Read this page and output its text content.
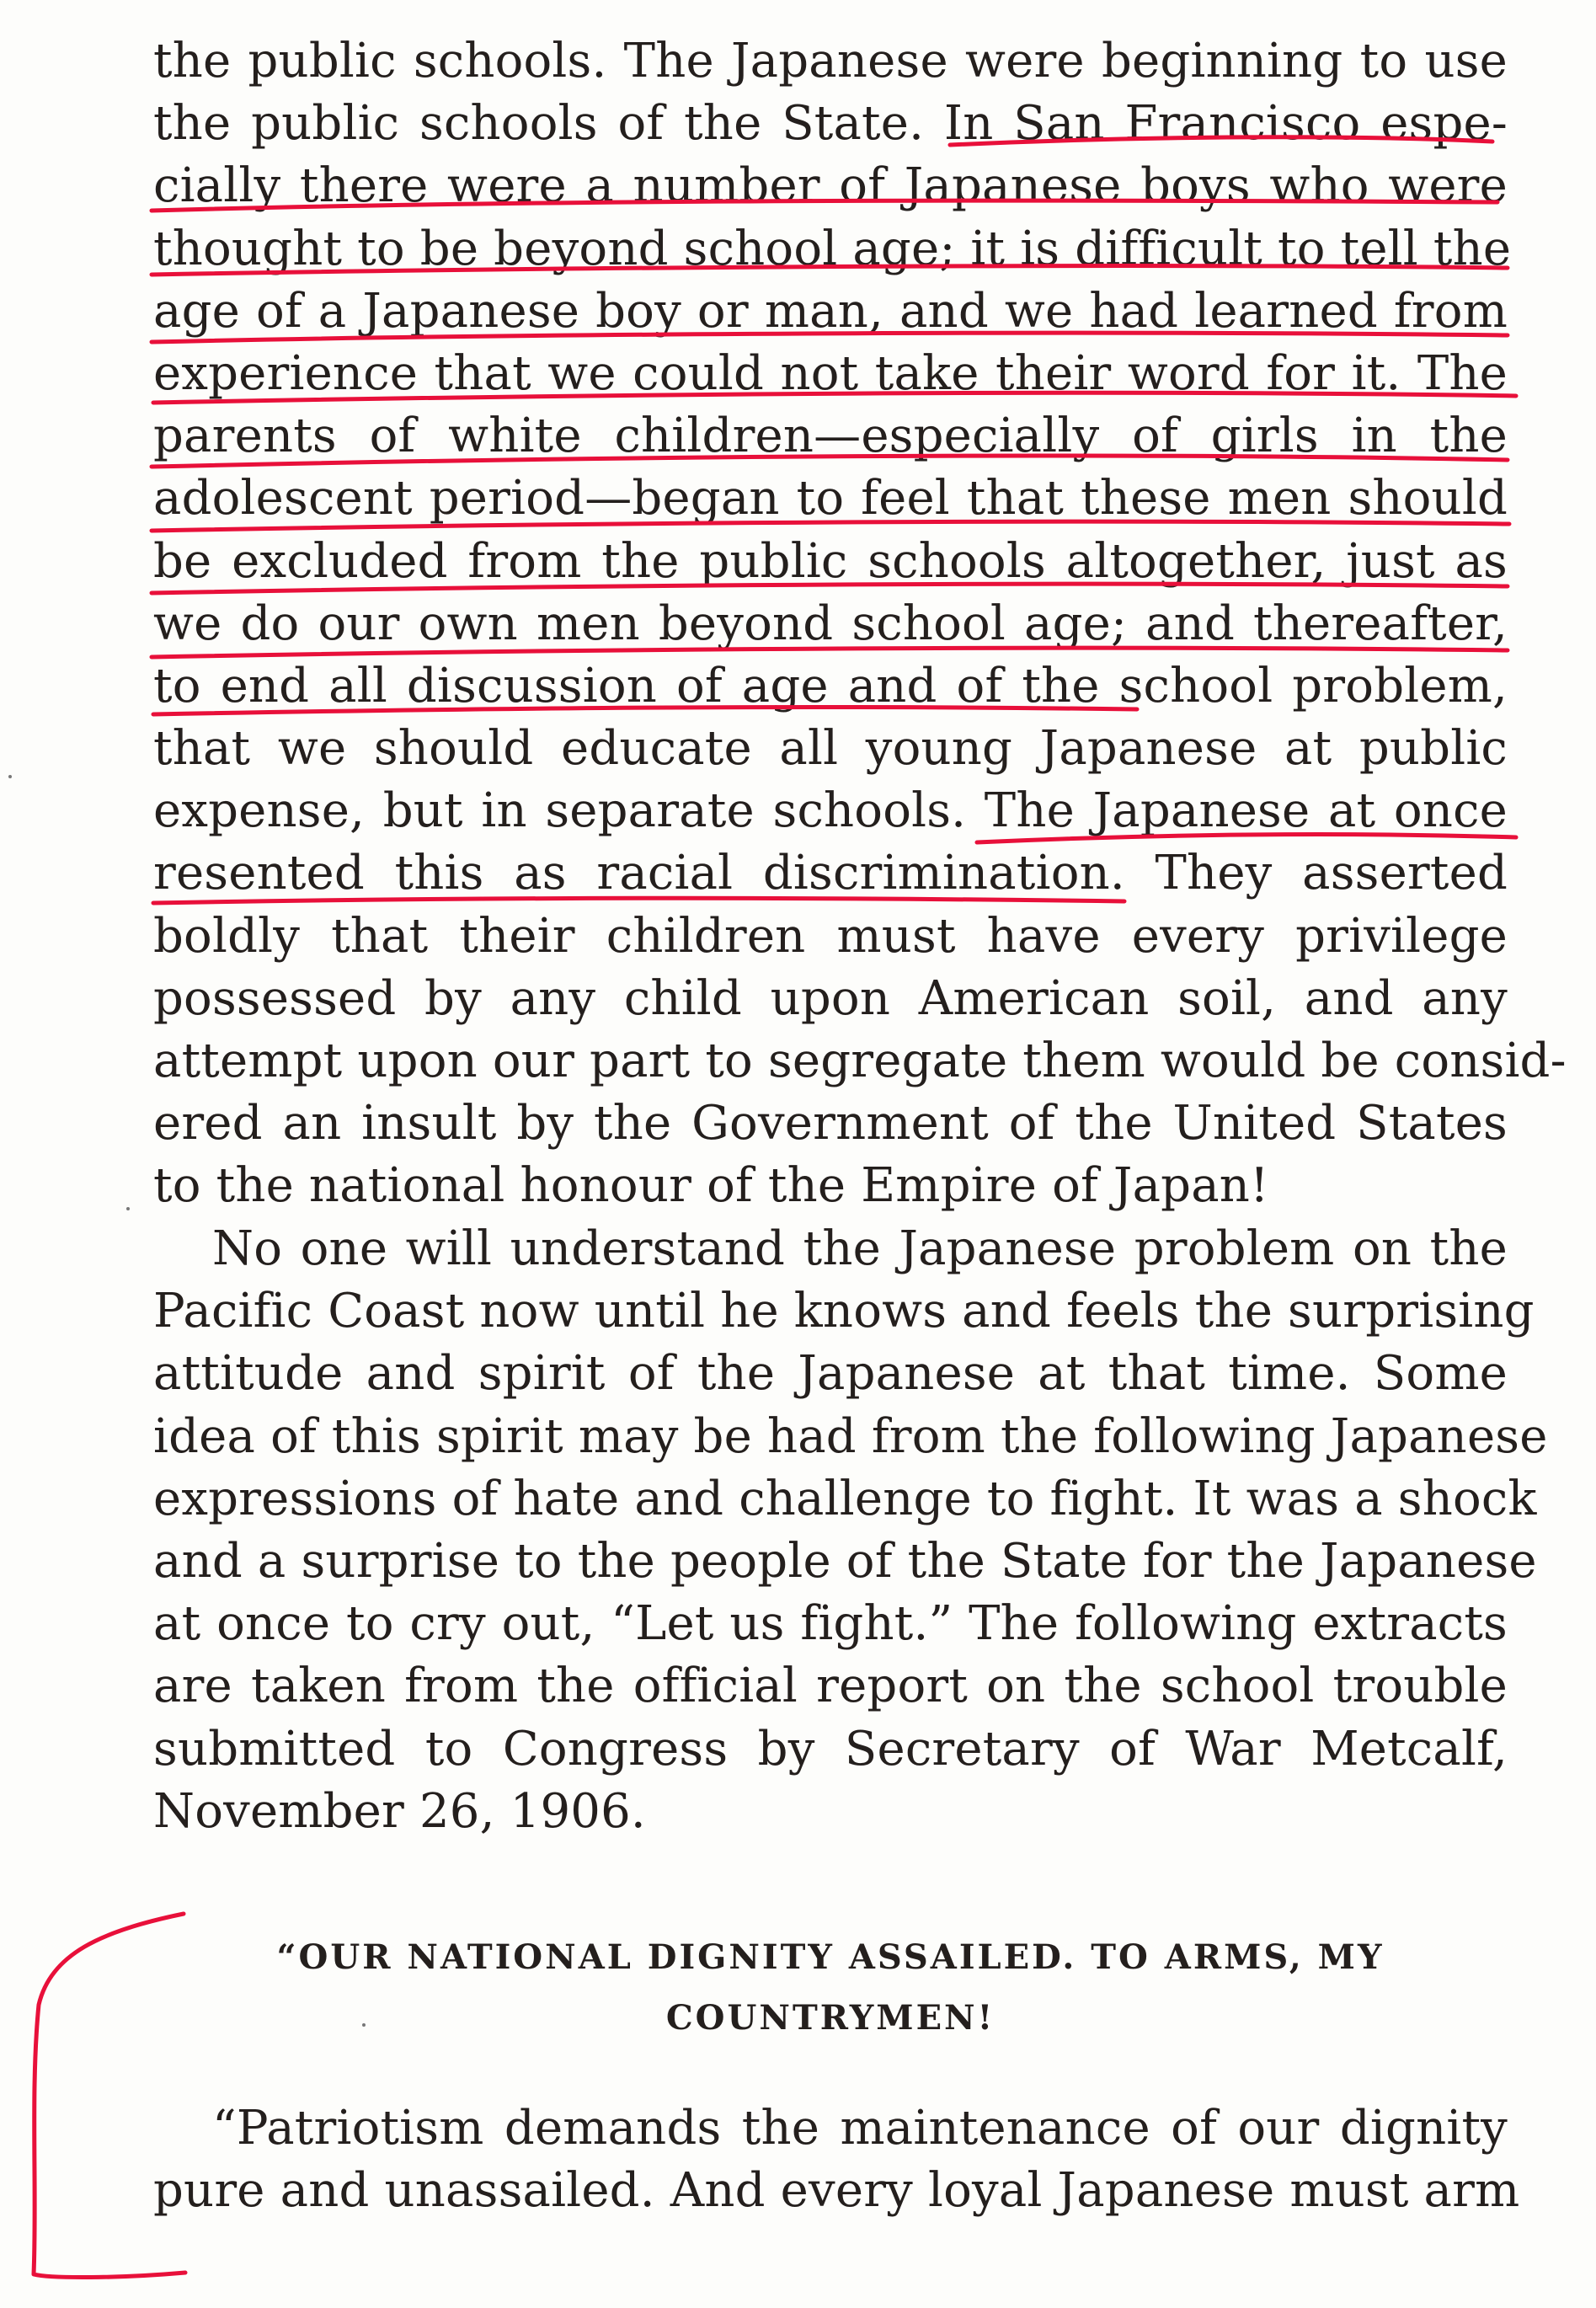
the public schools. The Japanese were beginning to use
the public schools of the State. In San Francisco espe-
cially there were a number of Japanese boys who were
thought to be beyond school age; it is difficult to tell the
age of a Japanese boy or man, and we had learned from
experience that we could not take their word for it. The
parents of white children—especially of girls in the
adolescent period—began to feel that these men should
be excluded from the public schools altogether, just as
we do our own men beyond school age; and thereafter,
to end all discussion of age and of the school problem,
that we should educate all young Japanese at public
expense, but in separate schools. The Japanese at once
resented this as racial discrimination. They asserted
boldly that their children must have every privilege
possessed by any child upon American soil, and any
attempt upon our part to segregate them would be consid-
ered an insult by the Government of the United States
to the national honour of the Empire of Japan!
No one will understand the Japanese problem on the
Pacific Coast now until he knows and feels the surprising
attitude and spirit of the Japanese at that time. Some
idea of this spirit may be had from the following Japanese
expressions of hate and challenge to fight. It was a shock
and a surprise to the people of the State for the Japanese
at once to cry out, “Let us fight.” The following extracts
are taken from the official report on the school trouble
submitted to Congress by Secretary of War Metcalf,
November 26, 1906.
“OUR NATIONAL DIGNITY ASSAILED. TO ARMS, MY
COUNTRYMEN!
“Patriotism demands the maintenance of our dignity
pure and unassailed. And every loyal Japanese must arm
